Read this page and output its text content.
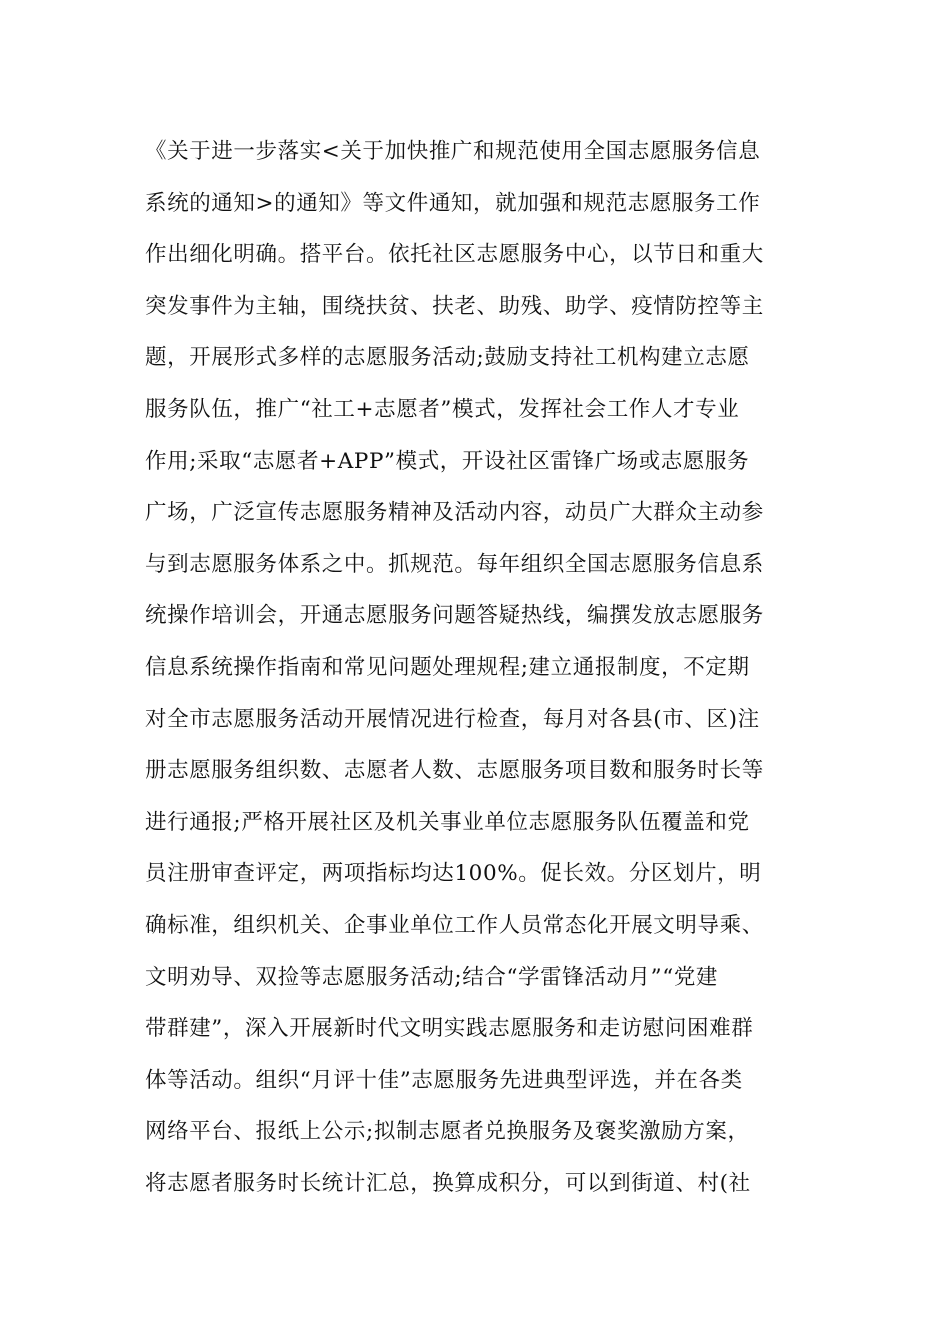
《关于进一步落实<关于加快推广和规范使用全国志愿服务信息
系统的通知>的通知》等文件通知，就加强和规范志愿服务工作
作出细化明确。搭平台。依托社区志愿服务中心，以节日和重大
突发事件为主轴，围绕扶贫、扶老、助残、助学、疫情防控等主
题，开展形式多样的志愿服务活动;鼓励支持社工机构建立志愿
服务队伍，推广“社工+志愿者”模式，发挥社会工作人才专业
作用;采取“志愿者+APP”模式，开设社区雷锋广场或志愿服务
广场，广泛宣传志愿服务精神及活动内容，动员广大群众主动参
与到志愿服务体系之中。抓规范。每年组织全国志愿服务信息系
统操作培训会，开通志愿服务问题答疑热线，编撰发放志愿服务
信息系统操作指南和常见问题处理规程;建立通报制度，不定期
对全市志愿服务活动开展情况进行检查，每月对各县(市、区)注
册志愿服务组织数、志愿者人数、志愿服务项目数和服务时长等
进行通报;严格开展社区及机关事业单位志愿服务队伍覆盖和党
员注册审查评定，两项指标均达100%。促长效。分区划片，明
确标准，组织机关、企事业单位工作人员常态化开展文明导乘、
文明劝导、双捡等志愿服务活动;结合“学雷锋活动月”“党建
带群建”，深入开展新时代文明实践志愿服务和走访慰问困难群
体等活动。组织“月评十佳”志愿服务先进典型评选，并在各类
网络平台、报纸上公示;拟制志愿者兑换服务及褒奖激励方案，
将志愿者服务时长统计汇总，换算成积分，可以到街道、村(社
